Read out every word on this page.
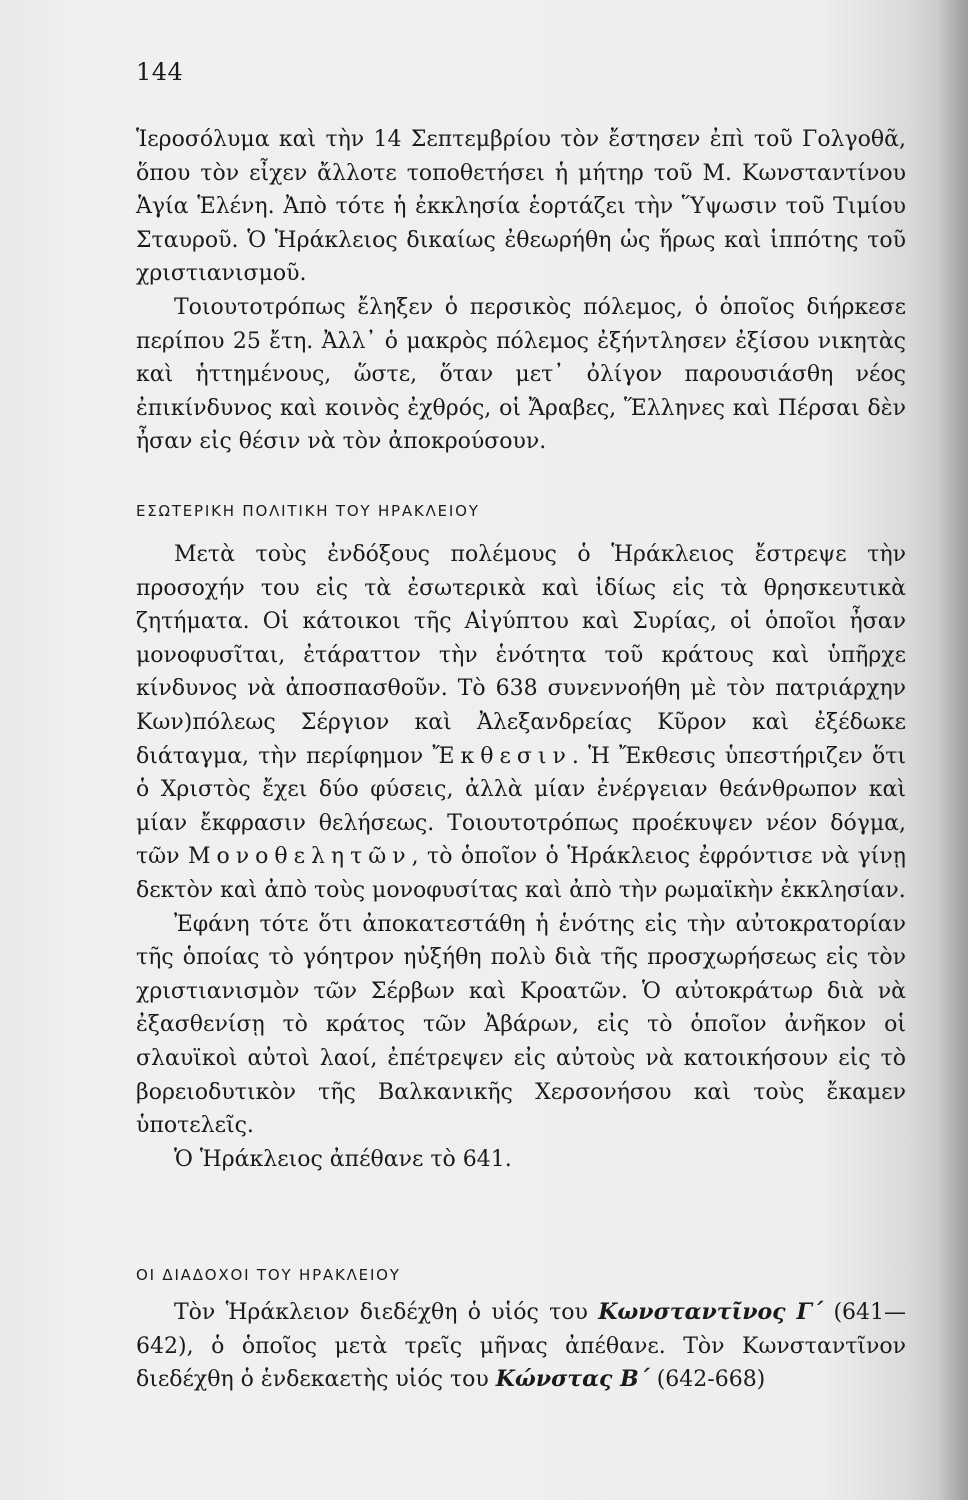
144

Ἱεροσόλυμα καὶ τὴν 14 Σεπτεμβρίου τὸν ἔστησεν ἐπὶ τοῦ Γολγοθᾶ, ὅπου τὸν εἶχεν ἄλλοτε τοποθετήσει ἡ μήτηρ τοῦ Μ. Κωνσταντίνου Ἁγία Ἑλένη. Ἀπὸ τότε ἡ ἐκκλησία ἑορτάζει τὴν Ὕψωσιν τοῦ Τιμίου Σταυροῦ. Ὁ Ἡράκλειος δικαίως ἐθεωρήθη ὡς ἥρως καὶ ἱππότης τοῦ χριστιανισμοῦ.

Τοιουτοτρόπως ἔληξεν ὁ περσικὸς πόλεμος, ὁ ὁποῖος διήρκεσε περίπου 25 ἔτη. Ἀλλ᾽ ὁ μακρὸς πόλεμος ἐξήντλησεν ἐξίσου νικητὰς καὶ ἡττημένους, ὥστε, ὅταν μετ᾽ ὀλίγον παρουσιάσθη νέος ἐπικίνδυνος καὶ κοινὸς ἐχθρός, οἱ Ἄραβες, Ἕλληνες καὶ Πέρσαι δὲν ἦσαν εἰς θέσιν νὰ τὸν ἀποκρούσουν.

ΕΣΩΤΕΡΙΚΗ ΠΟΛΙΤΙΚΗ ΤΟΥ ΗΡΑΚΛΕΙΟΥ

Μετὰ τοὺς ἐνδόξους πολέμους ὁ Ἡράκλειος ἔστρεψε τὴν προσοχήν του εἰς τὰ ἐσωτερικὰ καὶ ἰδίως εἰς τὰ θρησκευτικὰ ζητήματα. Οἱ κάτοικοι τῆς Αἰγύπτου καὶ Συρίας, οἱ ὁποῖοι ἦσαν μονοφυσῖται, ἐτάραττον τὴν ἑνότητα τοῦ κράτους καὶ ὑπῆρχε κίνδυνος νὰ ἀποσπασθοῦν. Τὸ 638 συνεννοήθη μὲ τὸν πατριάρχην Κων)πόλεως Σέργιον καὶ Ἀλεξανδρείας Κῦρον καὶ ἐξέδωκε διάταγμα, τὴν περίφημον Ἔκθεσιν. Ἡ Ἔκθεσις ὑπεστήριζεν ὅτι ὁ Χριστὸς ἔχει δύο φύσεις, ἀλλὰ μίαν ἐνέργειαν θεάνθρωπον καὶ μίαν ἔκφρασιν θελήσεως. Τοιουτοτρόπως προέκυψεν νέον δόγμα, τῶν Μονοθελητῶν, τὸ ὁποῖον ὁ Ἡράκλειος ἐφρόντισε νὰ γίνῃ δεκτὸν καὶ ἀπὸ τοὺς μονοφυσίτας καὶ ἀπὸ τὴν ρωμαϊκὴν ἐκκλησίαν.

Ἐφάνη τότε ὅτι ἀποκατεστάθη ἡ ἑνότης εἰς τὴν αὐτοκρατορίαν τῆς ὁποίας τὸ γόητρον ηὐξήθη πολὺ διὰ τῆς προσχωρήσεως εἰς τὸν χριστιανισμὸν τῶν Σέρβων καὶ Κροατῶν. Ὁ αὐτοκράτωρ διὰ νὰ ἐξασθενίσῃ τὸ κράτος τῶν Ἀβάρων, εἰς τὸ ὁποῖον ἀνῆκον οἱ σλαυϊκοὶ αὐτοὶ λαοί, ἐπέτρεψεν εἰς αὐτοὺς νὰ κατοικήσουν εἰς τὸ βορειοδυτικὸν τῆς Βαλκανικῆς Χερσονήσου καὶ τοὺς ἔκαμεν ὑποτελεῖς.

Ὁ Ἡράκλειος ἀπέθανε τὸ 641.

ΟΙ ΔΙΑΔΟΧΟΙ ΤΟΥ ΗΡΑΚΛΕΙΟΥ

Τὸν Ἡράκλειον διεδέχθη ὁ υἱός του Κωνσταντῖνος Γ´ (641—642), ὁ ὁποῖος μετὰ τρεῖς μῆνας ἀπέθανε. Τὸν Κωνσταντῖνον διεδέχθη ὁ ἑνδεκαετὴς υἱός του Κώνστας Β´ (642-668)
